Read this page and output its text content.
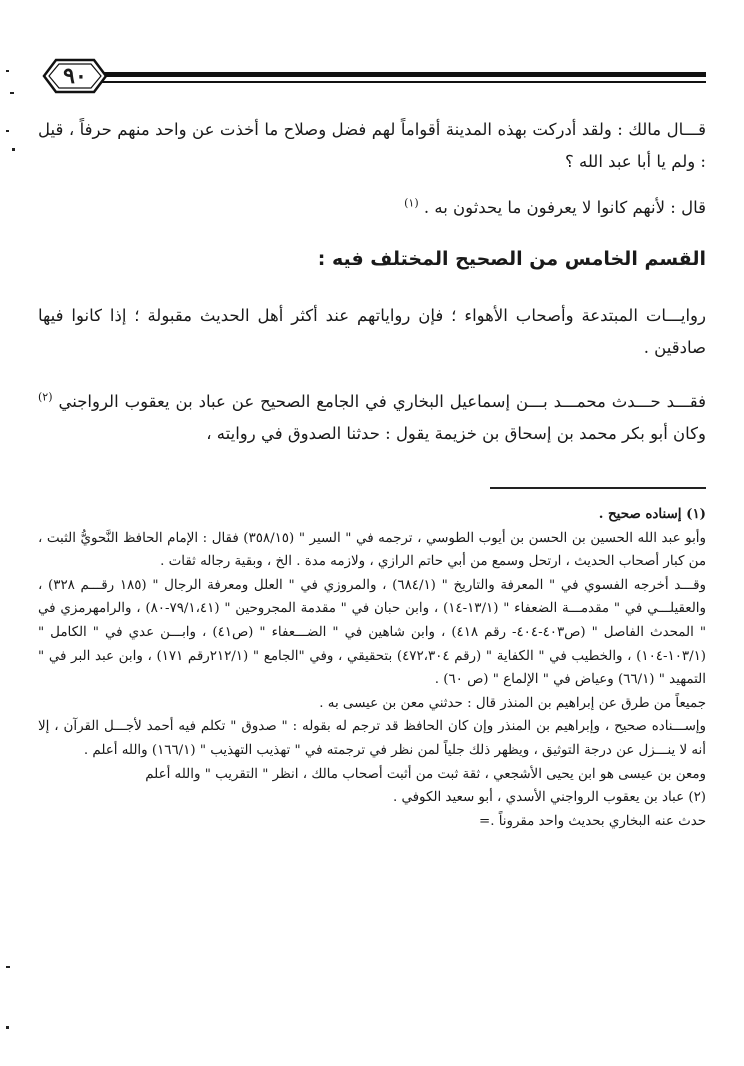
٩٠

قـــال مالك : ولقد أدركت بهذه المدينة أقواماً لهم فضل وصلاح ما أخذت عن واحد منهم حرفاً ، قيل : ولم يا أبا عبد الله ؟

قال : لأنهم كانوا لا يعرفون ما يحدثون به . $^{(١)}$

القسم الخامس من الصحيح المختلف فيه :

روايـــات المبتدعة وأصحاب الأهواء ؛ فإن رواياتهم عند أكثر أهل الحديث مقبولة ؛ إذا كانوا فيها صادقين .

فقـــد حـــدث محمـــد بـــن إسماعيل البخاري في الجامع الصحيح عن عباد بن يعقوب الرواجني $^{(٢)}$ وكان أبو بكر محمد بن إسحاق بن خزيمة يقول : حدثنا الصدوق في روايته ،

(١) إسناده صحيح .

وأبو عبد الله الحسين بن الحسن بن أيوب الطوسي ، ترجمه في " السير " (٣٥٨/١٥) فقال : الإمام الحافظ النَّحويُّ الثبت ، من كبار أصحاب الحديث ، ارتحل وسمع من أبي حاتم الرازي ، ولازمه مدة . الخ ، وبقية رجاله ثقات .

وقـــد أخرجه الفسوي في " المعرفة والتاريخ " (٦٨٤/١) ، والمروزي في " العلل ومعرفة الرجال " (١٨٥ رقـــم ٣٢٨) ، والعقيلـــي في " مقدمـــة الضعفاء " (١٣/١-١٤) ، وابن حبان في " مقدمة المجروحين " (٧٩/١،٤١-٨٠) ، والرامهرمزي في " المحدث الفاصل " (ص٤٠٣-٤٠٤- رقم ٤١٨) ، وابن شاهين في " الضـــعفاء " (ص٤١) ، وابـــن عدي في " الكامل " (١٠٣/١-١٠٤) ، والخطيب في " الكفاية " (رقم ٤٧٢،٣٠٤) بتحقيقي ، وفي "الجامع " (٢١٢/١رقم ١٧١) ، وابن عبد البر في " التمهيد " (٦٦/١) وعياض في " الإلماع " (ص ٦٠) .

جميعاً من طرق عن إبراهيم بن المنذر قال : حدثني معن بن عيسى به .

وإســـناده صحيح ، وإبراهيم بن المنذر وإن كان الحافظ قد ترجم له بقوله : " صدوق " تكلم فيه أحمد لأجـــل القرآن ، إلا أنه لا ينـــزل عن درجة التوثيق ، ويظهر ذلك جلياً لمن نظر في ترجمته في " تهذيب التهذيب " (١٦٦/١) والله أعلم .

ومعن بن عيسى هو ابن يحيى الأشجعي ، ثقة ثبت من أثبت أصحاب مالك ، انظر " التقريب " والله أعلم

(٢) عباد بن يعقوب الرواجني الأسدي ، أبو سعيد الكوفي .

حدث عنه البخاري بحديث واحد مقروناً .=
